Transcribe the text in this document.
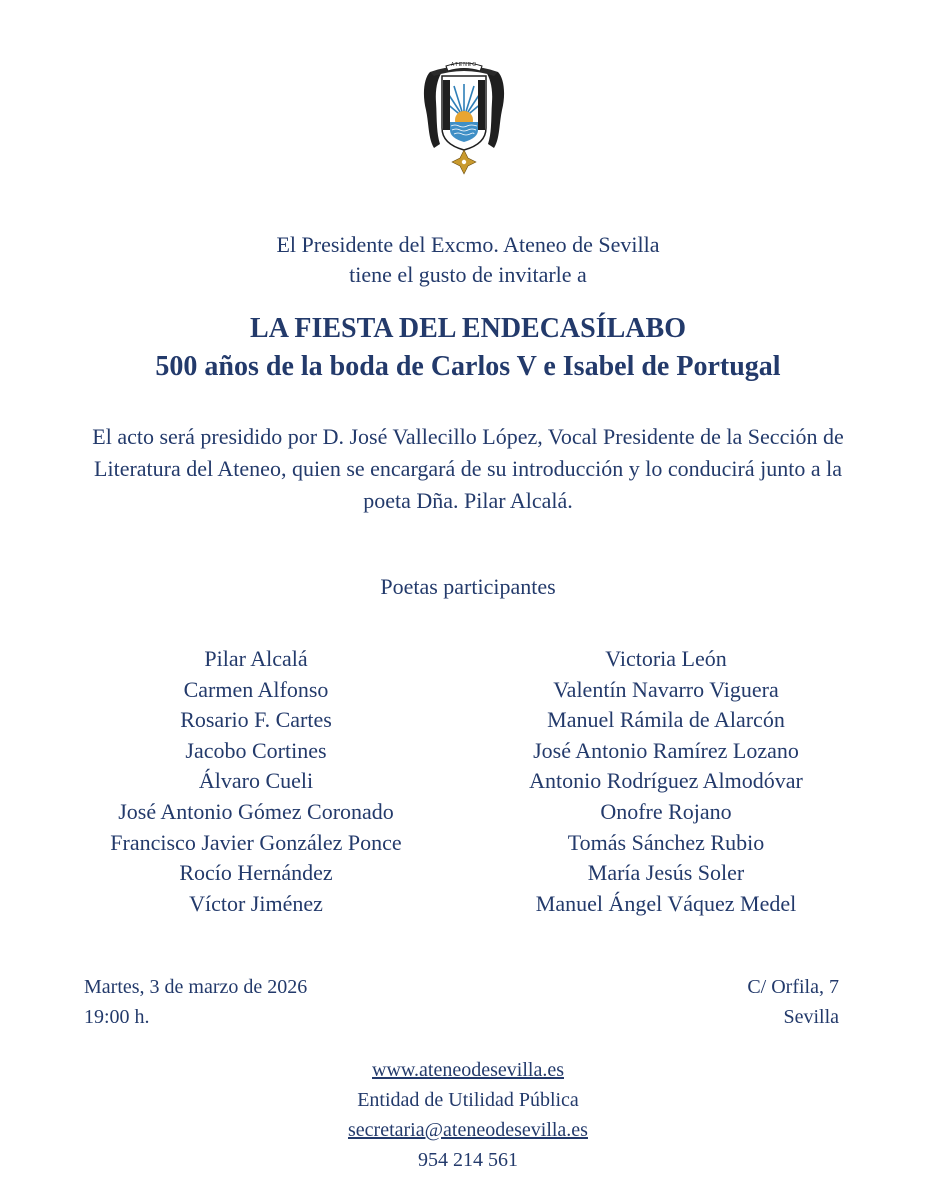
ATENEO
El Presidente del Excmo. Ateneo de Sevilla
tiene el gusto de invitarle a
LA FIESTA DEL ENDECASÍLABO
500 años de la boda de Carlos V e Isabel de Portugal
El acto será presidido por D. José Vallecillo López, Vocal Presidente de la Sección de Literatura del Ateneo, quien se encargará de su introducción y lo conducirá junto a la poeta Dña. Pilar Alcalá.
Poetas participantes
Pilar Alcalá
Carmen Alfonso
Rosario F. Cartes
Jacobo Cortines
Álvaro Cueli
José Antonio Gómez Coronado
Francisco Javier González Ponce
Rocío Hernández
Víctor Jiménez
Victoria León
Valentín Navarro Viguera
Manuel Rámila de Alarcón
José Antonio Ramírez Lozano
Antonio Rodríguez Almodóvar
Onofre Rojano
Tomás Sánchez Rubio
María Jesús Soler
Manuel Ángel Váquez Medel
Martes, 3 de marzo de 2026
19:00 h.
C/ Orfila, 7
Sevilla
www.ateneodesevilla.es
Entidad de Utilidad Pública
secretaria@ateneodesevilla.es
954 214 561
